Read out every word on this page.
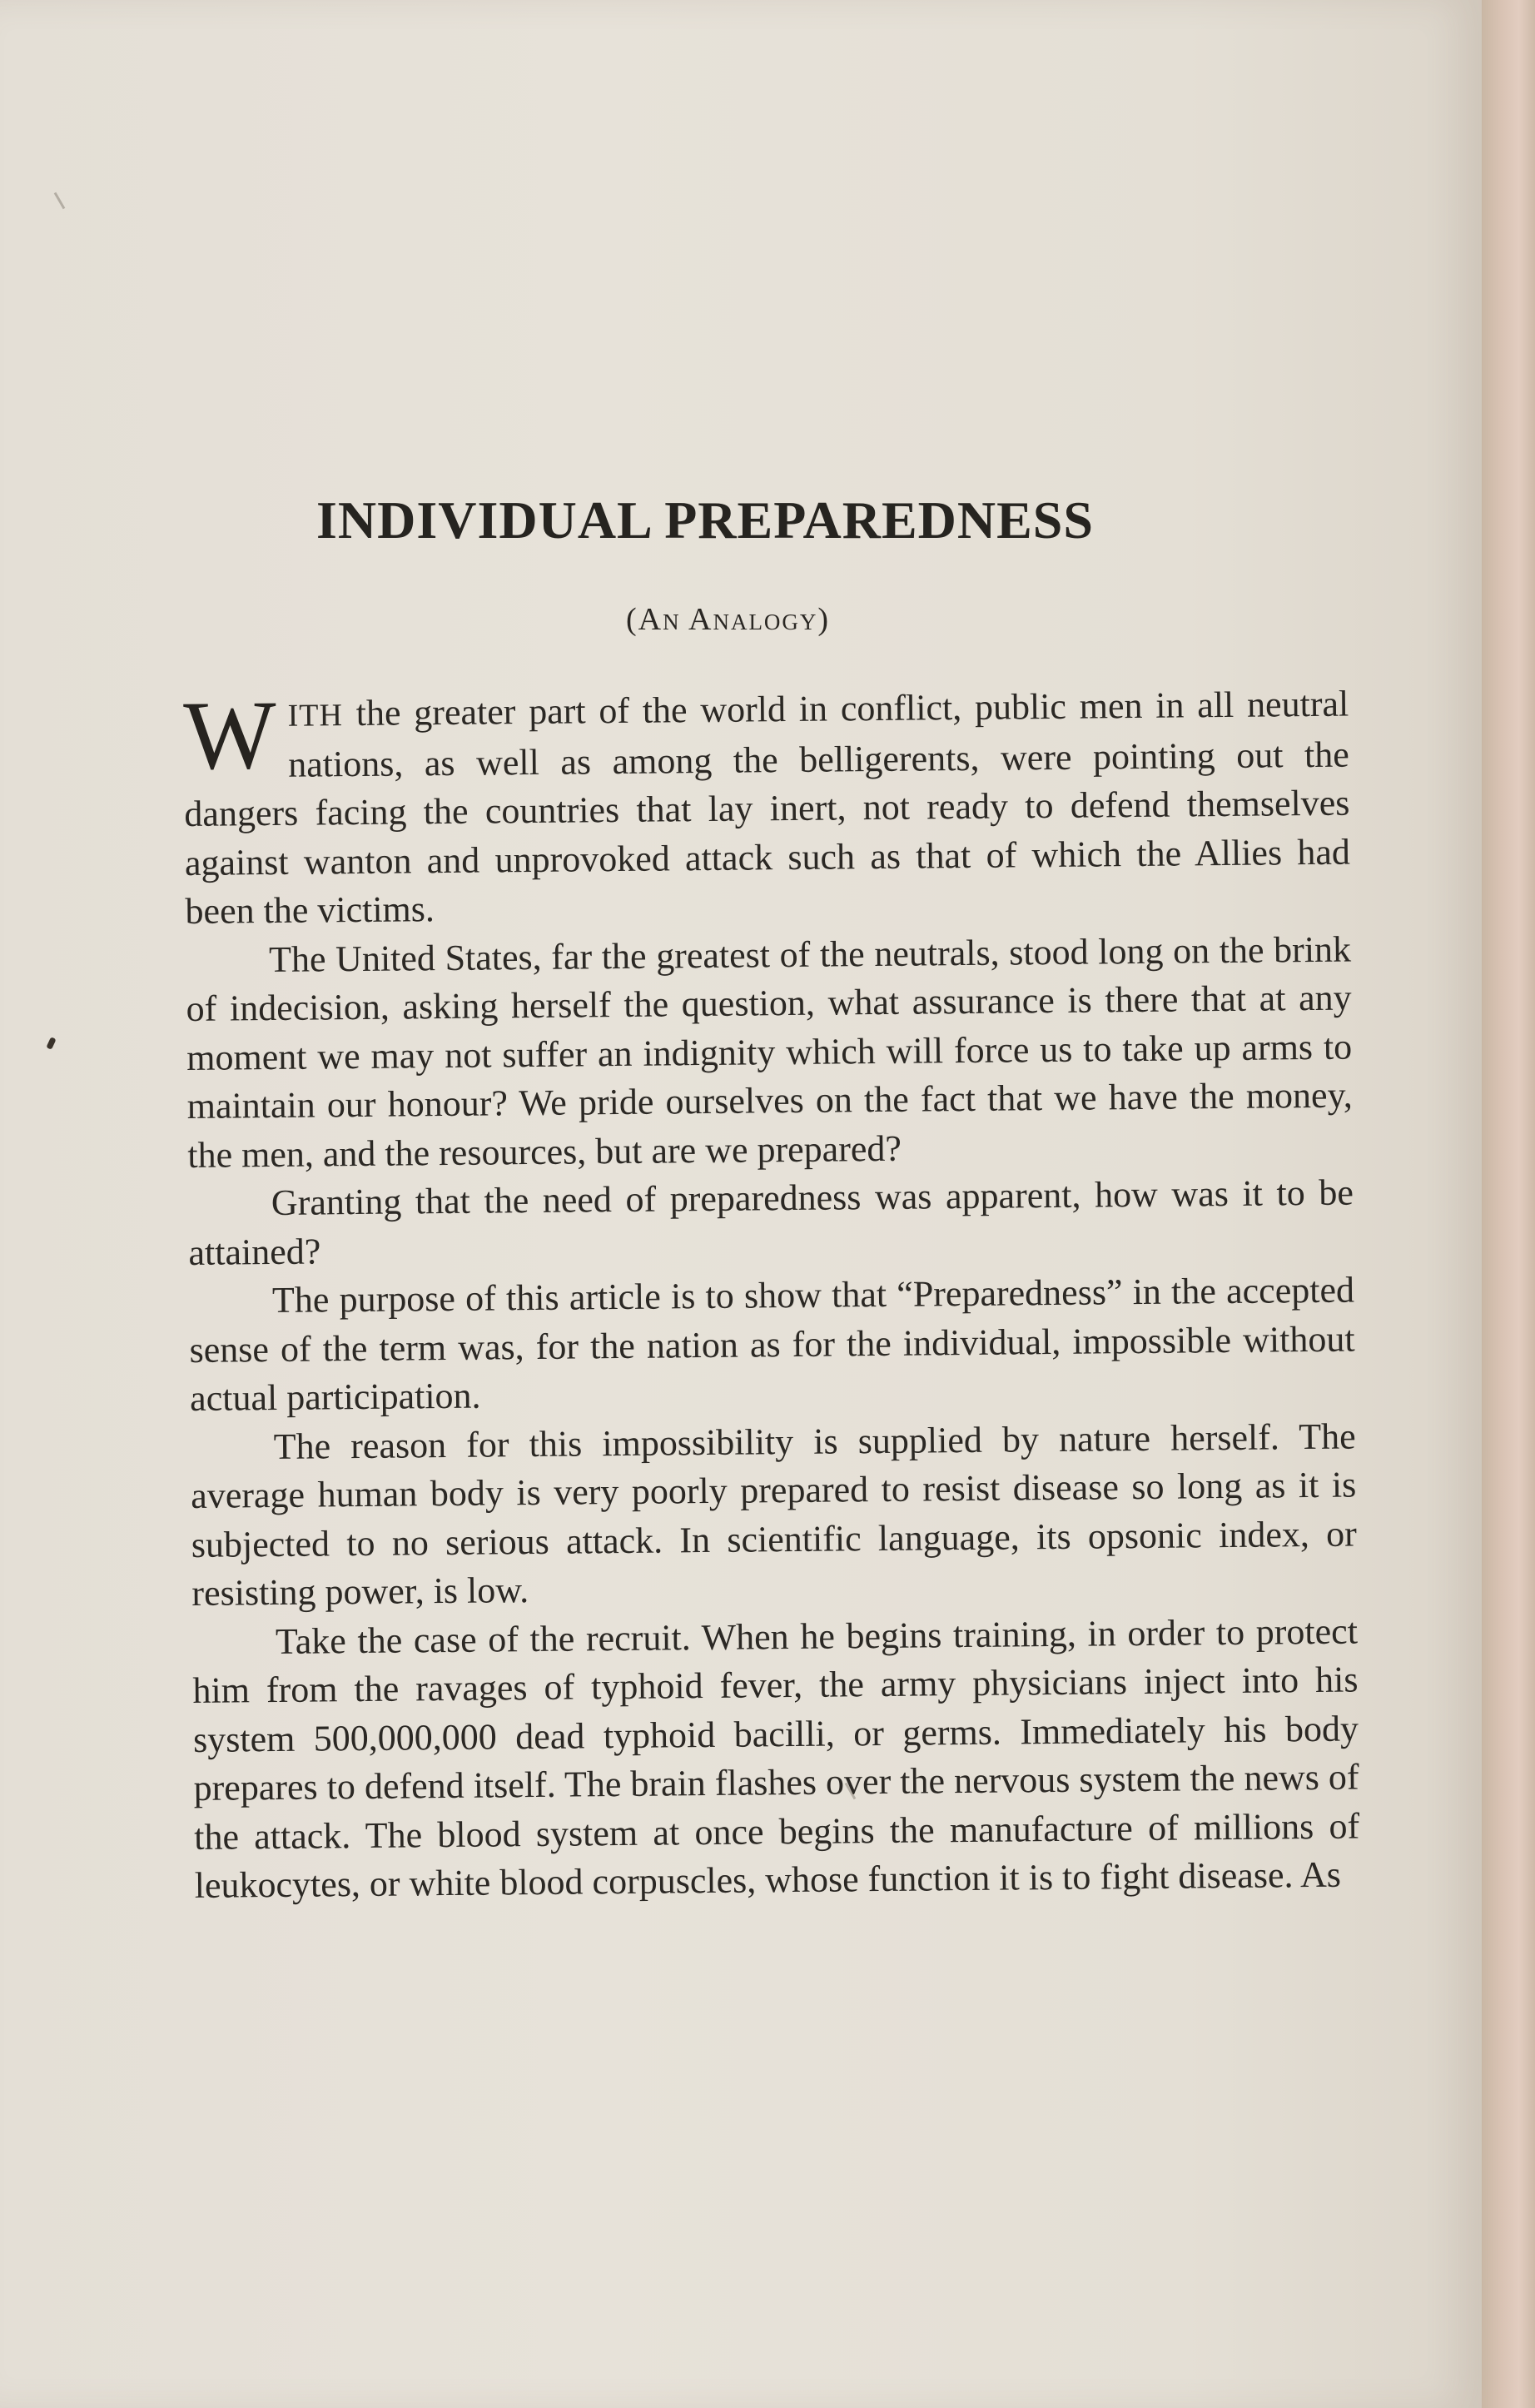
INDIVIDUAL PREPAREDNESS
(An Analogy)

WITH the greater part of the world in conflict, public men in all neutral nations, as well as among the belligerents, were pointing out the dangers facing the countries that lay inert, not ready to defend themselves against wanton and unprovoked attack such as that of which the Allies had been the victims.

The United States, far the greatest of the neutrals, stood long on the brink of indecision, asking herself the question, what assurance is there that at any moment we may not suffer an indignity which will force us to take up arms to maintain our honour? We pride ourselves on the fact that we have the money, the men, and the resources, but are we prepared?

Granting that the need of preparedness was apparent, how was it to be attained?

The purpose of this article is to show that “Preparedness” in the accepted sense of the term was, for the nation as for the individual, impossible without actual participation.

The reason for this impossibility is supplied by nature herself. The average human body is very poorly prepared to resist disease so long as it is subjected to no serious attack. In scientific language, its opsonic index, or resisting power, is low.

Take the case of the recruit. When he begins training, in order to protect him from the ravages of typhoid fever, the army physicians inject into his system 500,000,000 dead typhoid bacilli, or germs. Immediately his body prepares to defend itself. The brain flashes over the nervous system the news of the attack. The blood system at once begins the manufacture of millions of leukocytes, or white blood corpuscles, whose function it is to fight disease. As
